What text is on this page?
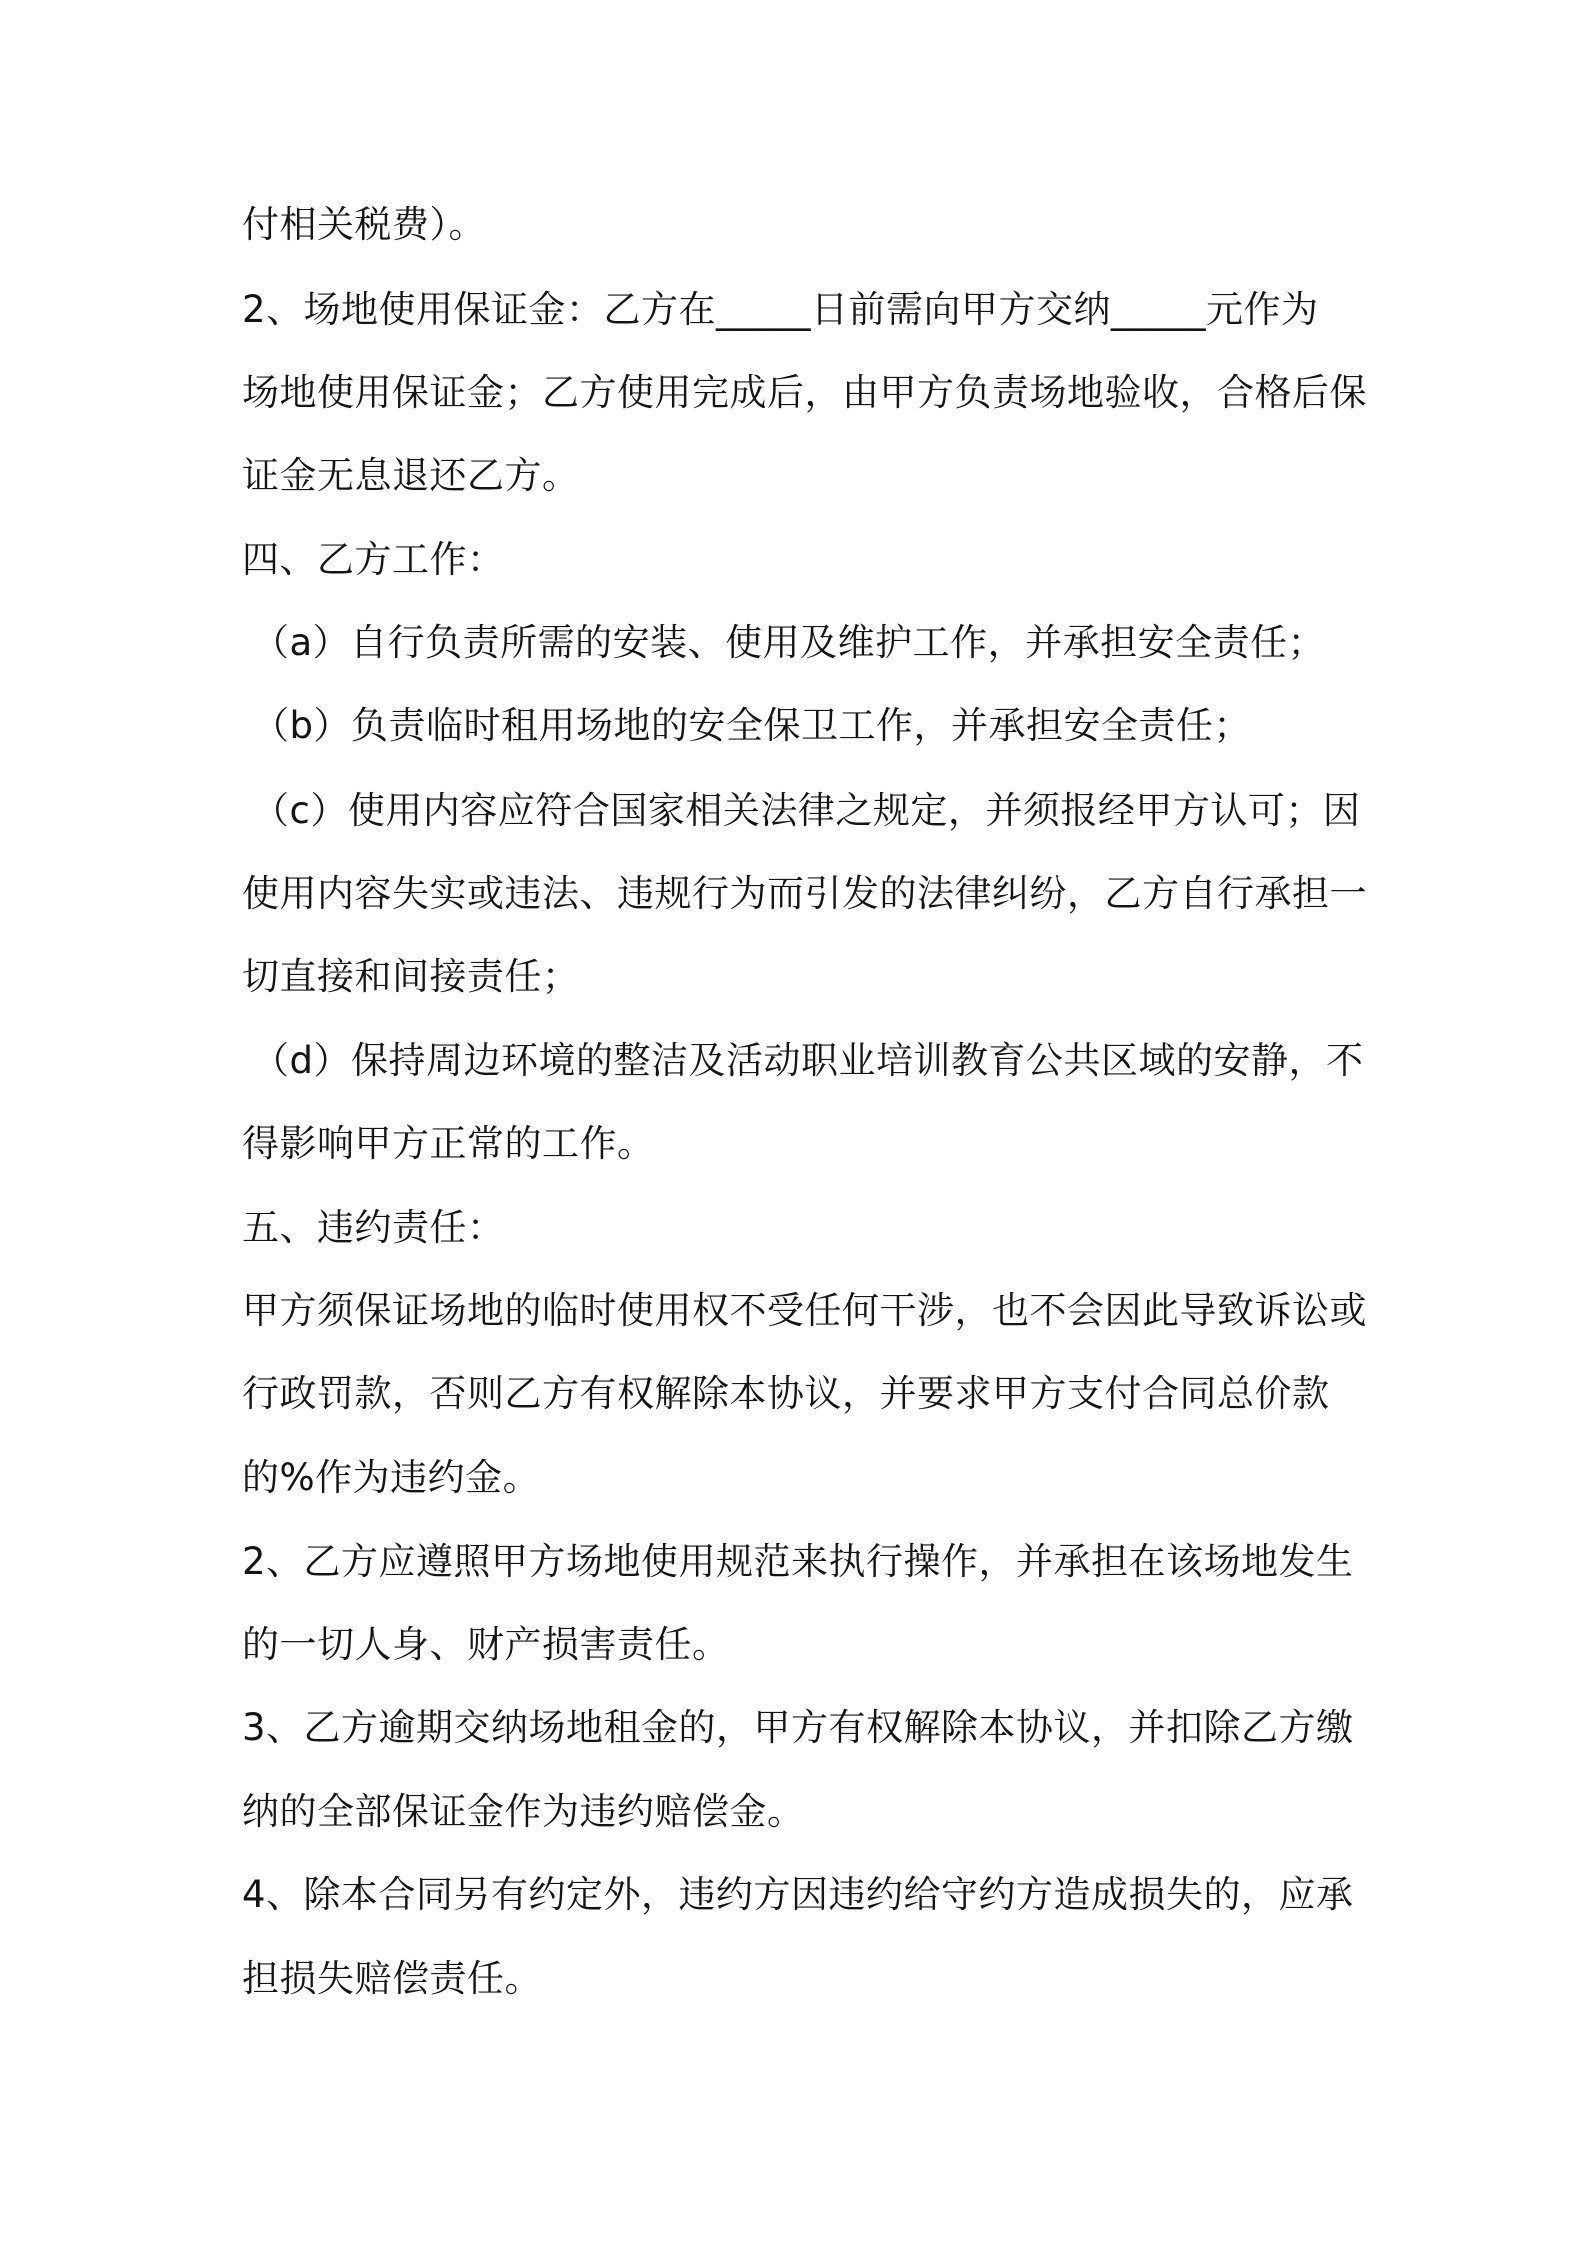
付相关税费）。
2、场地使用保证金：乙方在_____日前需向甲方交纳_____元作为
场地使用保证金；乙方使用完成后，由甲方负责场地验收，合格后保
证金无息退还乙方。
四、乙方工作：
（a）自行负责所需的安装、使用及维护工作，并承担安全责任；
（b）负责临时租用场地的安全保卫工作，并承担安全责任；
（c）使用内容应符合国家相关法律之规定，并须报经甲方认可；因
使用内容失实或违法、违规行为而引发的法律纠纷，乙方自行承担一
切直接和间接责任；
（d）保持周边环境的整洁及活动职业培训教育公共区域的安静，不
得影响甲方正常的工作。
五、违约责任：
甲方须保证场地的临时使用权不受任何干涉，也不会因此导致诉讼或
行政罚款，否则乙方有权解除本协议，并要求甲方支付合同总价款
的%作为违约金。
2、乙方应遵照甲方场地使用规范来执行操作，并承担在该场地发生
的一切人身、财产损害责任。
3、乙方逾期交纳场地租金的，甲方有权解除本协议，并扣除乙方缴
纳的全部保证金作为违约赔偿金。
4、除本合同另有约定外，违约方因违约给守约方造成损失的，应承
担损失赔偿责任。
